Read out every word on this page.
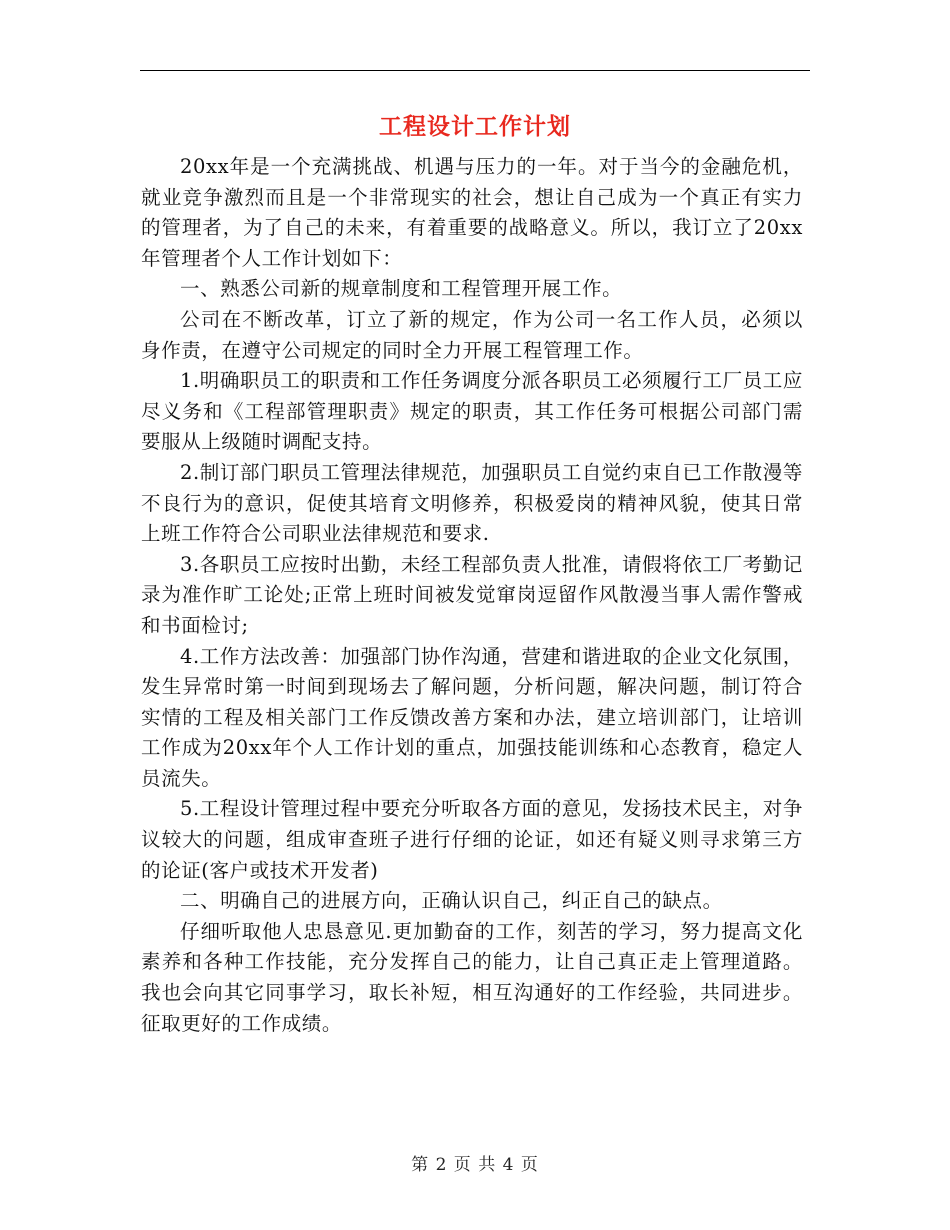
工程设计工作计划

20xx年是一个充满挑战、机遇与压力的一年。对于当今的金融危机，就业竞争激烈而且是一个非常现实的社会，想让自己成为一个真正有实力的管理者，为了自己的未来，有着重要的战略意义。所以，我订立了20xx年管理者个人工作计划如下：

一、熟悉公司新的规章制度和工程管理开展工作。

公司在不断改革，订立了新的规定，作为公司一名工作人员，必须以身作责，在遵守公司规定的同时全力开展工程管理工作。

1.明确职员工的职责和工作任务调度分派各职员工必须履行工厂员工应尽义务和《工程部管理职责》规定的职责，其工作任务可根据公司部门需要服从上级随时调配支持。

2.制订部门职员工管理法律规范，加强职员工自觉约束自已工作散漫等不良行为的意识，促使其培育文明修养，积极爱岗的精神风貌，使其日常上班工作符合公司职业法律规范和要求.

3.各职员工应按时出勤，未经工程部负责人批准，请假将依工厂考勤记录为准作旷工论处;正常上班时间被发觉窜岗逗留作风散漫当事人需作警戒和书面检讨;

4.工作方法改善：加强部门协作沟通，营建和谐进取的企业文化氛围，发生异常时第一时间到现场去了解问题，分析问题，解决问题，制订符合实情的工程及相关部门工作反馈改善方案和办法，建立培训部门，让培训工作成为20xx年个人工作计划的重点，加强技能训练和心态教育，稳定人员流失。

5.工程设计管理过程中要充分听取各方面的意见，发扬技术民主，对争议较大的问题，组成审查班子进行仔细的论证，如还有疑义则寻求第三方的论证(客户或技术开发者)

二、明确自己的进展方向，正确认识自己，纠正自己的缺点。

仔细听取他人忠恳意见.更加勤奋的工作，刻苦的学习，努力提高文化素养和各种工作技能，充分发挥自己的能力，让自己真正走上管理道路。我也会向其它同事学习，取长补短，相互沟通好的工作经验，共同进步。征取更好的工作成绩。

第 2 页 共 4 页
